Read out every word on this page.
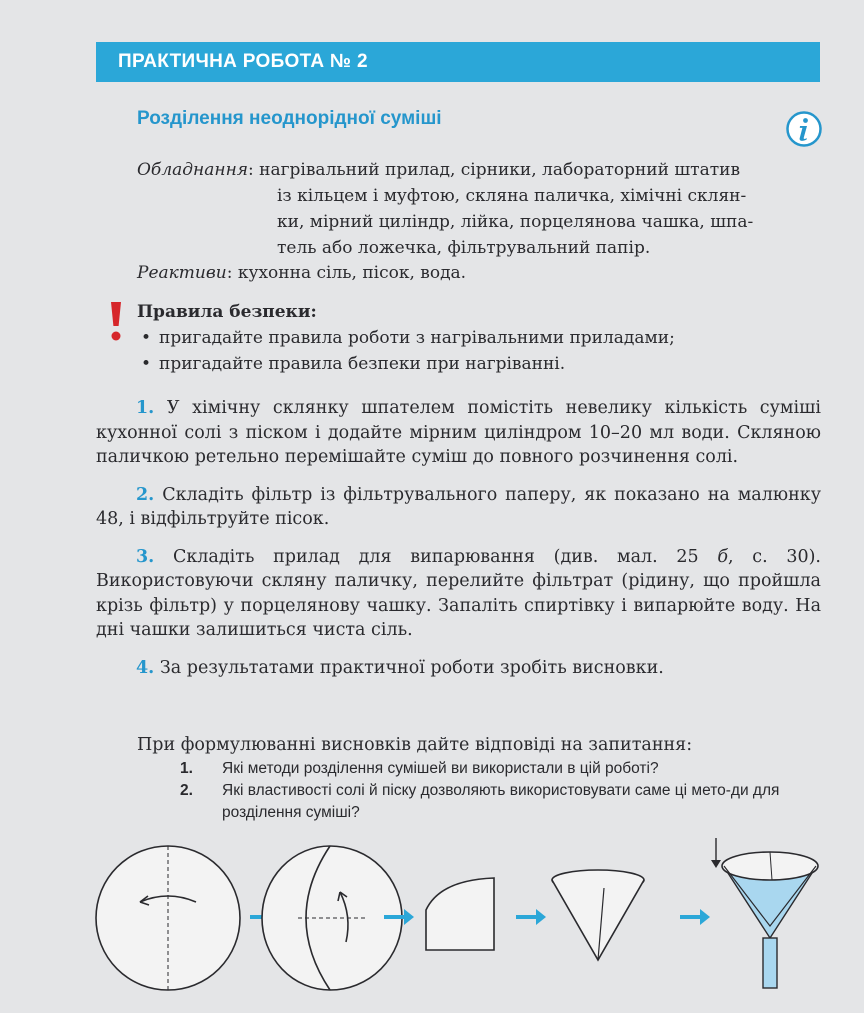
ПРАКТИЧНА РОБОТА № 2
Розділення неоднорідної суміші
Обладнання: нагрівальний прилад, сірники, лабораторний штатив
із кільцем і муфтою, скляна паличка, хімічні склян-
ки, мірний циліндр, лійка, порцелянова чашка, шпа-
тель або ложечка, фільтрувальний папір.
Реактиви: кухонна сіль, пісок, вода.
Правила безпеки:
• пригадайте правила роботи з нагрівальними приладами;
• пригадайте правила безпеки при нагріванні.

1. У хімічну склянку шпателем помістіть невелику кількість суміші кухонної солі з піском і додайте мірним циліндром 10–20 мл води. Скляною паличкою ретельно перемішайте суміш до повного розчинення солі.

2. Складіть фільтр із фільтрувального паперу, як показано на малюнку 48, і відфільтруйте пісок.

3. Складіть прилад для випарювання (див. мал. 25 б, с. 30). Використовуючи скляну паличку, перелийте фільтрат (рідину, що пройшла крізь фільтр) у порцелянову чашку. Запаліть спиртівку і випарюйте воду. На дні чашки залишиться чиста сіль.

4. За результатами практичної роботи зробіть висновки.

При формулюванні висновків дайте відповіді на запитання:
1.	Які методи розділення сумішей ви використали в цій роботі?
2.	Які властивості солі й піску дозволяють використовувати саме ці мето-ди для розділення суміші?
